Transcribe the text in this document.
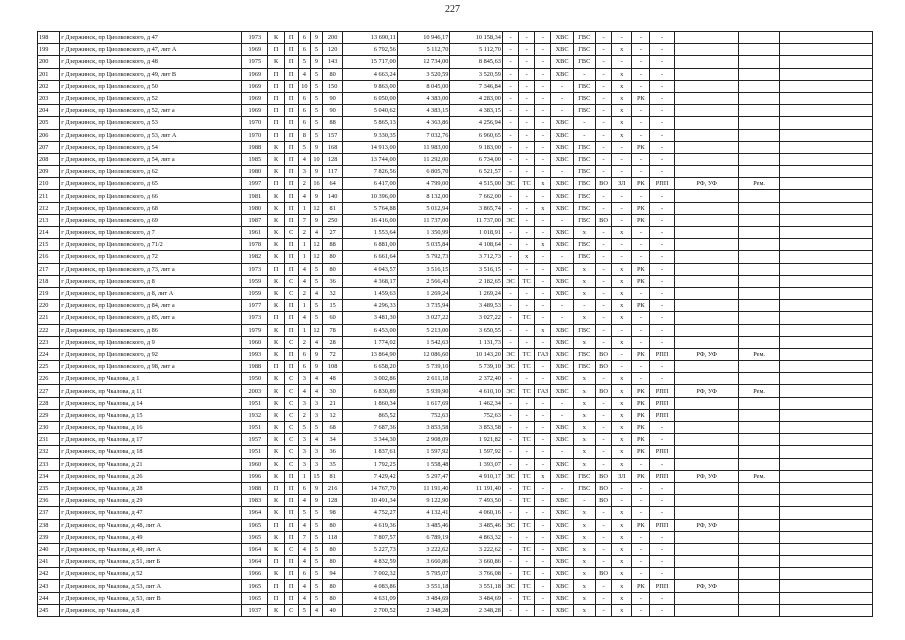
227
198	г Дзержинск, пр Циолковского, д 47	1973	К	П	6	9	200	13 690,11	10 946,17	10 158,34	-	-	-	ХВС	ГВС	-	-	-	-			
199	г Дзержинск, пр Циолковского, д 47, лит А	1969	П	П	6	5	120	6 792,56	5 112,70	5 112,70	-	-	-	ХВС	ГВС	-	х	-	-			
200	г Дзержинск, пр Циолковского, д 48	1975	К	П	5	9	143	15 717,00	12 734,00	8 845,63	-	-	-	ХВС	ГВС	-	-	-	-			
201	г Дзержинск, пр Циолковского, д 49, лит В	1969	П	П	4	5	80	4 663,24	3 520,59	3 520,59	-	-	-	ХВС	-	-	х	-	-			
202	г Дзержинск, пр Циолковского, д 50	1969	П	П	10	5	150	9 863,00	8 045,00	7 346,84	-	-	-	-	ГВС	-	х	-	-			
203	г Дзержинск, пр Циолковского, д 52	1969	П	П	6	5	90	6 050,00	4 383,00	4 283,00	-	-	-	-	ГВС	-	х	РК	-			
204	г Дзержинск, пр Циолковского, д 52, лит а	1969	П	П	6	5	90	5 040,62	4 383,15	4 383,15	-	-	-	-	ГВС	-	х	-	-			
205	г Дзержинск, пр Циолковского, д 53	1970	П	П	6	5	88	5 865,13	4 363,86	4 256,94	-	-	-	ХВС	-	-	х	-	-			
206	г Дзержинск, пр Циолковского, д 53, лит А	1970	П	П	8	5	157	9 330,35	7 032,76	6 960,65	-	-	-	ХВС	-	-	х	-	-			
207	г Дзержинск, пр Циолковского, д 54	1988	К	П	5	9	168	14 913,00	11 983,00	9 183,00	-	-	-	ХВС	ГВС	-	-	РК	-			
208	г Дзержинск, пр Циолковского, д 54, лит а	1985	К	П	4	10	128	13 744,00	11 292,00	6 734,00	-	-	-	ХВС	ГВС	-	-	-	-			
209	г Дзержинск, пр Циолковского, д 62	1980	К	П	3	9	117	7 826,56	6 805,70	6 521,57	-	-	-	-	ГВС	-	-	-	-			
210	г Дзержинск, пр Циолковского, д 65	1997	П	П	2	16	64	6 417,00	4 799,00	4 515,00	ЭС	ТС	х	ХВС	ГВС	ВО	ЗЛ	РК	РПП	РФ, УФ	Рем.	
211	г Дзержинск, пр Циолковского, д 66	1981	К	П	4	9	140	10 396,00	8 132,00	7 662,00	-	-	-	ХВС	ГВС	-	-	-	-			
212	г Дзержинск, пр Циолковского, д 68	1980	К	П	1	12	81	5 764,88	5 012,94	3 865,74	-	-	х	ХВС	ГВС	-	-	РК	-			
213	г Дзержинск, пр Циолковского, д 69	1987	К	П	7	9	250	16 416,00	11 737,00	11 737,00	ЭС	-	-	-	ГВС	ВО	-	РК	-			
214	г Дзержинск, пр Циолковского, д 7	1961	К	С	2	4	27	1 553,64	1 350,99	1 018,91	-	-	-	ХВС	х	-	х	-	-			
215	г Дзержинск, пр Циолковского, д 71/2	1978	К	П	1	12	88	6 881,00	5 035,84	4 108,64	-	-	х	ХВС	ГВС	-	-	-	-			
216	г Дзержинск, пр Циолковского, д 72	1982	К	П	1	12	80	6 661,64	5 792,73	3 712,73	-	х	-	-	ГВС	-	-	-	-			
217	г Дзержинск, пр Циолковского, д 73, лит а	1973	П	П	4	5	80	4 043,57	3 516,15	3 516,15	-	-	-	ХВС	х	-	х	РК	-			
218	г Дзержинск, пр Циолковского, д 8	1959	К	С	4	5	36	4 368,17	2 566,43	2 182,65	ЭС	ТС	-	ХВС	х	-	х	РК	-			
219	г Дзержинск, пр Циолковского, д 8, лит А	1959	К	С	2	4	32	1 459,63	1 269,24	1 269,24	-	-	-	ХВС	х	-	х	-	-			
220	г Дзержинск, пр Циолковского, д 84, лит а	1977	К	П	1	5	15	4 296,33	3 735,94	3 489,53	-	-	-	-	-	-	х	РК	-			
221	г Дзержинск, пр Циолковского, д 85, лит а	1973	П	П	4	5	60	3 481,30	3 027,22	3 027,22	-	ТС	-	-	х	-	х	-	-			
222	г Дзержинск, пр Циолковского, д 86	1979	К	П	1	12	78	6 453,00	5 213,00	3 650,55	-	-	х	ХВС	ГВС	-	-	-	-			
223	г Дзержинск, пр Циолковского, д 9	1960	К	С	2	4	28	1 774,02	1 542,63	1 131,73	-	-	-	ХВС	х	-	х	-	-			
224	г Дзержинск, пр Циолковского, д 92	1993	К	П	6	9	72	13 864,90	12 086,60	10 143,20	ЭС	ТС	ГАЗ	ХВС	ГВС	ВО	-	РК	РПП	РФ, УФ	Рем.	
225	г Дзержинск, пр Циолковского, д 98, лит а	1988	П	П	6	9	108	6 658,20	5 739,10	5 739,10	ЭС	ТС	-	ХВС	ГВС	ВО	-	-	-			
226	г Дзержинск, пр Чкалова, д 1	1950	К	С	3	4	48	3 002,86	2 611,18	2 372,40	-	-	-	ХВС	х	-	х	-	-			
227	г Дзержинск, пр Чкалова, д 11	2003	К	С	4	4	30	6 830,89	5 939,90	4 610,10	ЭС	ТС	ГАЗ	ХВС	х	ВО	х	РК	РПП	РФ, УФ	Рем.	
228	г Дзержинск, пр Чкалова, д 14	1951	К	С	3	3	21	1 860,34	1 617,69	1 462,34	-	-	-	-	х	-	х	РК	РПП			
229	г Дзержинск, пр Чкалова, д 15	1932	К	С	2	3	12	865,52	752,63	752,63	-	-	-	-	х	-	х	РК	РПП			
230	г Дзержинск, пр Чкалова, д 16	1951	К	С	5	5	68	7 687,36	3 853,58	3 853,58	-	-	-	ХВС	х	-	х	РК	-			
231	г Дзержинск, пр Чкалова, д 17	1957	К	С	3	4	34	3 344,30	2 908,09	1 921,82	-	ТС	-	ХВС	х	-	х	РК	-			
232	г Дзержинск, пр Чкалова, д 18	1951	К	С	3	3	36	1 837,61	1 597,92	1 597,92	-	-	-	-	х	-	х	РК	РПП			
233	г Дзержинск, пр Чкалова, д 21	1960	К	С	3	3	35	1 792,25	1 558,48	1 393,07	-	-	-	ХВС	х	-	х	-	-			
234	г Дзержинск, пр Чкалова, д 26	1996	К	П	1	15	81	7 429,42	5 297,47	4 910,17	ЭС	ТС	х	ХВС	ГВС	ВО	ЗЛ	РК	РПП	РФ, УФ	Рем.	
235	г Дзержинск, пр Чкалова, д 28	1988	П	П	6	9	216	14 767,70	11 191,40	11 191,40	-	ТС	-	-	ГВС	ВО	-	-	-			
236	г Дзержинск, пр Чкалова, д 29	1983	К	П	4	9	128	10 491,34	9 122,90	7 493,50	-	ТС	-	ХВС	-	ВО	-	-	-			
237	г Дзержинск, пр Чкалова, д 47	1964	К	П	5	5	98	4 752,27	4 132,41	4 060,16	-	-	-	ХВС	х	-	х	-	-			
238	г Дзержинск, пр Чкалова, д 48, лит А	1965	П	П	4	5	80	4 619,36	3 485,46	3 485,46	ЭС	ТС	-	ХВС	х	-	х	РК	РПП	РФ, УФ		
239	г Дзержинск, пр Чкалова, д 49	1965	К	П	7	5	118	7 807,57	6 789,19	4 863,32	-	-	-	ХВС	х	-	х	-	-			
240	г Дзержинск, пр Чкалова, д 49, лит А	1964	К	С	4	5	80	5 227,73	3 222,62	3 222,62	-	ТС	-	ХВС	х	-	х	-	-			
241	г Дзержинск, пр Чкалова, д 51, лит Б	1964	П	П	4	5	80	4 832,59	3 660,86	3 660,86	-	-	-	ХВС	х	-	х	-	-			
242	г Дзержинск, пр Чкалова, д 52	1966	К	П	6	5	94	7 002,32	5 795,07	3 766,08	-	ТС	-	ХВС	х	ВО	х	-	-			
243	г Дзержинск, пр Чкалова, д 53, лит А	1965	П	П	4	5	80	4 083,86	3 551,18	3 551,18	ЭС	ТС	-	ХВС	х	-	х	РК	РПП	РФ, УФ		
244	г Дзержинск, пр Чкалова, д 53, лит В	1965	П	П	4	5	80	4 631,09	3 484,69	3 484,69	-	ТС	-	ХВС	х	-	х	-	-			
245	г Дзержинск, пр Чкалова, д 8	1937	К	С	5	4	40	2 700,52	2 348,28	2 348,28	-	-	-	ХВС	х	-	х	-	-			
